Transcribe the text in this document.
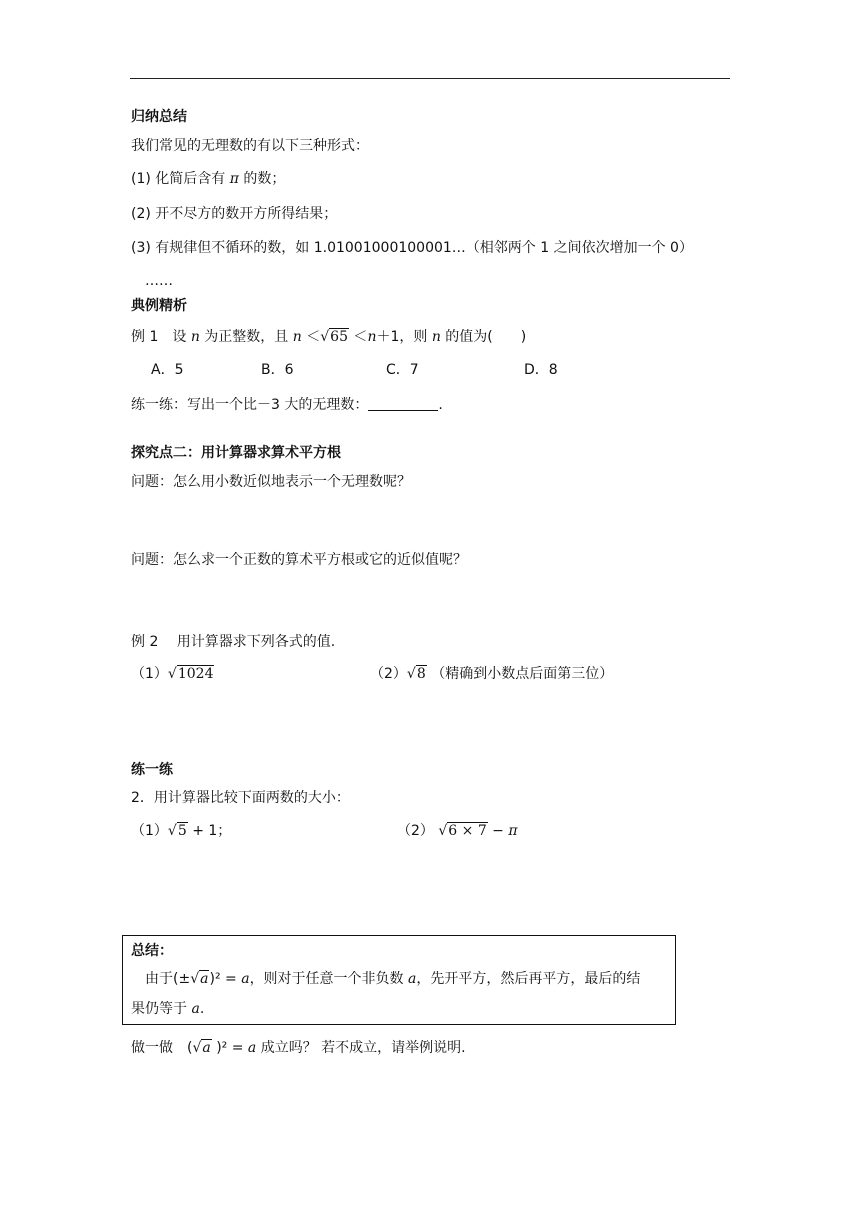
归纳总结
我们常见的无理数的有以下三种形式：
(1) 化简后含有 π 的数；
(2) 开不尽方的数开方所得结果；
(3) 有规律但不循环的数，如 1.01001000100001…（相邻两个 1 之间依次增加一个 0）
……
典例精析
例 1　设 n 为正整数，且 n ＜√65 ＜n＋1，则 n 的值为(　　)
A．5	B．6	C．7	D．8
练一练：写出一个比－3 大的无理数：	.
探究点二：用计算器求算术平方根
问题：怎么用小数近似地表示一个无理数呢？
问题：怎么求一个正数的算术平方根或它的近似值呢？
例 2　 用计算器求下列各式的值.
（1）√1024	（2）√8 （精确到小数点后面第三位）
练一练
2．用计算器比较下面两数的大小：
（1）√5 + 1；	（2） √6 × 7 − π
总结：
由于(±√a)² = a，则对于任意一个非负数 a，先开平方，然后再平方，最后的结
果仍等于 a.
做一做　(√a )² = a 成立吗？ 若不成立，请举例说明.
